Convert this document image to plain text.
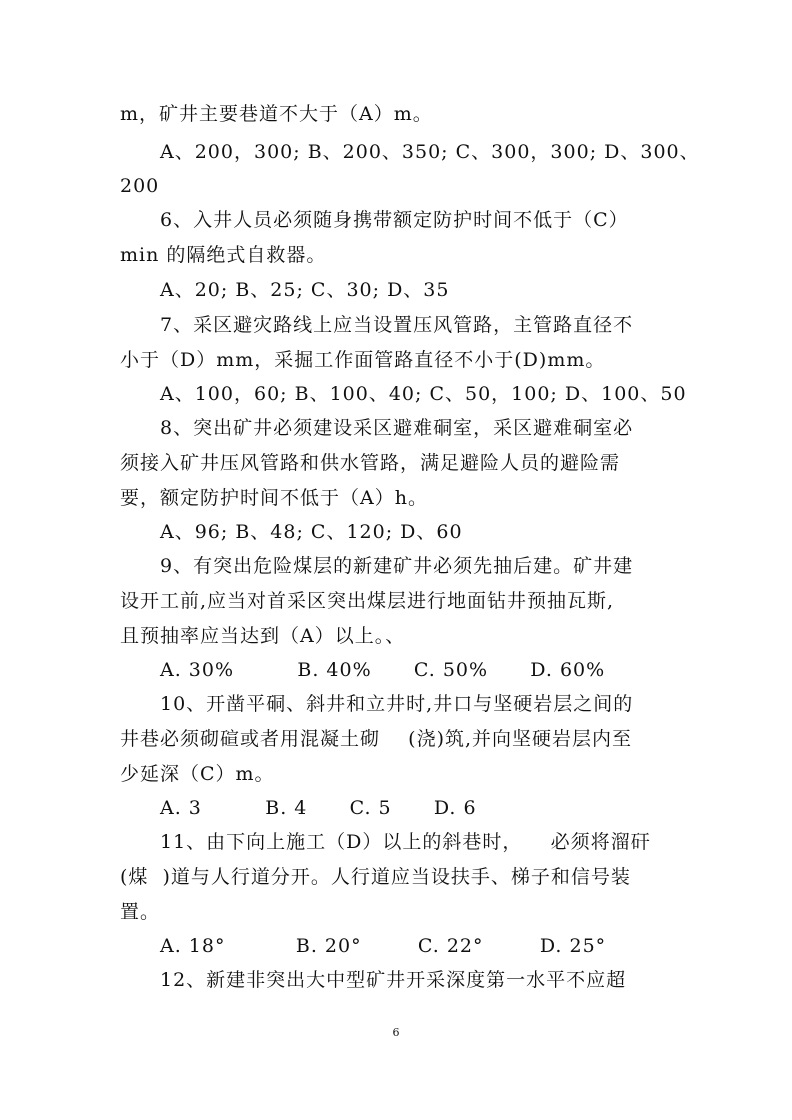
m，矿井主要巷道不大于（A）m。
A、200，300; B、200、350; C、300，300; D、300、
200
6、入井人员必须随身携带额定防护时间不低于（C）
min 的隔绝式自救器。
A、20; B、25; C、30; D、35
7、采区避灾路线上应当设置压风管路，主管路直径不
小于（D）mm，采掘工作面管路直径不小于(D)mm。
A、100，60; B、100、40; C、50，100; D、100、50
8、突出矿井必须建设采区避难硐室，采区避难硐室必
须接入矿井压风管路和供水管路，满足避险人员的避险需
要，额定防护时间不低于（A）h。
A、96; B、48; C、120; D、60
9、有突出危险煤层的新建矿井必须先抽后建。矿井建
设开工前,应当对首采区突出煤层进行地面钻井预抽瓦斯,
且预抽率应当达到（A）以上。、
A. 30%         B. 40%      C. 50%      D. 60%
10、开凿平硐、斜井和立井时,井口与坚硬岩层之间的
井巷必须砌碹或者用混凝土砌    (浇)筑,并向坚硬岩层内至
少延深（C）m。
A. 3         B. 4      C. 5      D. 6
11、由下向上施工（D）以上的斜巷时，    必须将溜矸
(煤  )道与人行道分开。人行道应当设扶手、梯子和信号装
置。
A. 18°          B. 20°        C. 22°        D. 25°
12、新建非突出大中型矿井开采深度第一水平不应超
6
